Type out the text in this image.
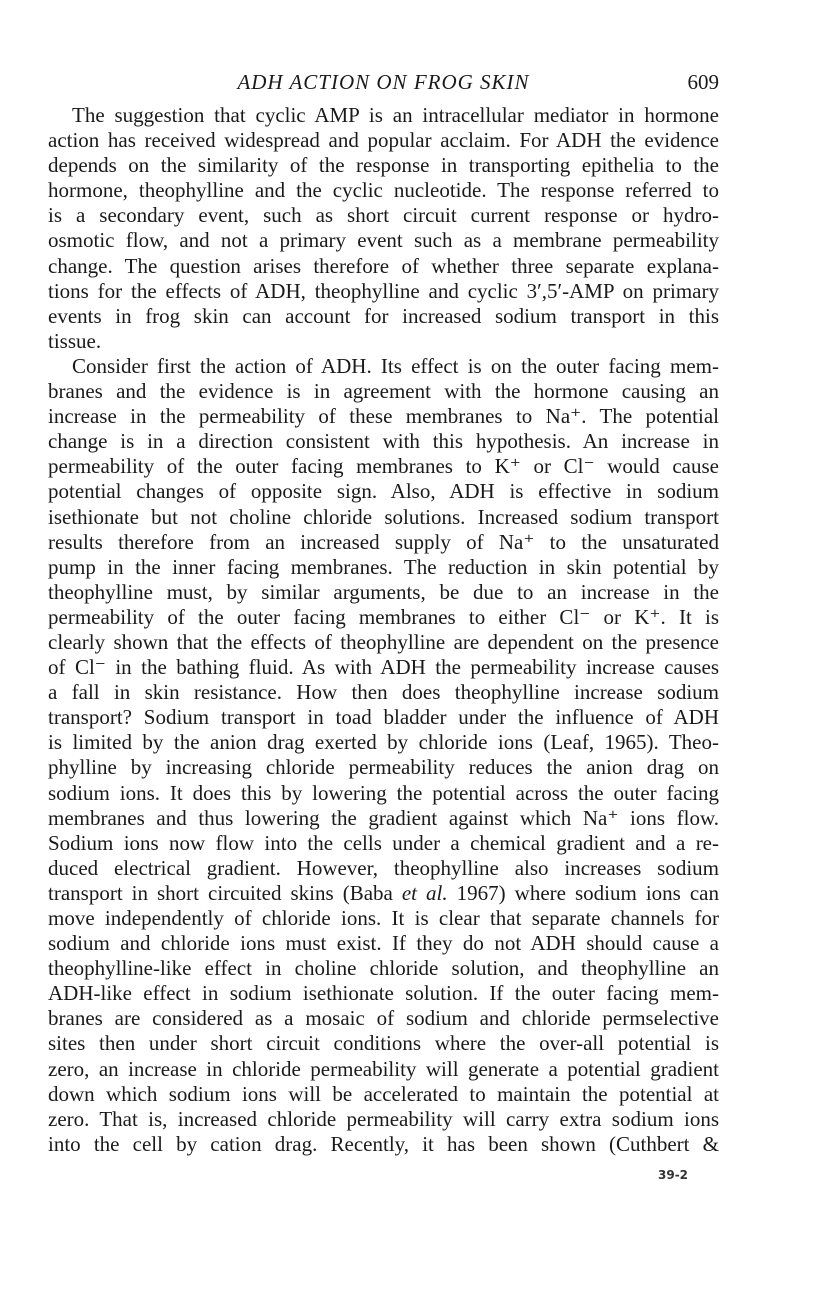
ADH ACTION ON FROG SKIN	609
The suggestion that cyclic AMP is an intracellular mediator in hormone
action has received widespread and popular acclaim. For ADH the evidence
depends on the similarity of the response in transporting epithelia to the
hormone, theophylline and the cyclic nucleotide. The response referred to
is a secondary event, such as short circuit current response or hydro-
osmotic flow, and not a primary event such as a membrane permeability
change. The question arises therefore of whether three separate explana-
tions for the effects of ADH, theophylline and cyclic 3′,5′-AMP on primary
events in frog skin can account for increased sodium transport in this
tissue.
Consider first the action of ADH. Its effect is on the outer facing mem-
branes and the evidence is in agreement with the hormone causing an
increase in the permeability of these membranes to Na⁺. The potential
change is in a direction consistent with this hypothesis. An increase in
permeability of the outer facing membranes to K⁺ or Cl⁻ would cause
potential changes of opposite sign. Also, ADH is effective in sodium
isethionate but not choline chloride solutions. Increased sodium transport
results therefore from an increased supply of Na⁺ to the unsaturated
pump in the inner facing membranes. The reduction in skin potential by
theophylline must, by similar arguments, be due to an increase in the
permeability of the outer facing membranes to either Cl⁻ or K⁺. It is
clearly shown that the effects of theophylline are dependent on the presence
of Cl⁻ in the bathing fluid. As with ADH the permeability increase causes
a fall in skin resistance. How then does theophylline increase sodium
transport? Sodium transport in toad bladder under the influence of ADH
is limited by the anion drag exerted by chloride ions (Leaf, 1965). Theo-
phylline by increasing chloride permeability reduces the anion drag on
sodium ions. It does this by lowering the potential across the outer facing
membranes and thus lowering the gradient against which Na⁺ ions flow.
Sodium ions now flow into the cells under a chemical gradient and a re-
duced electrical gradient. However, theophylline also increases sodium
transport in short circuited skins (Baba et al. 1967) where sodium ions can
move independently of chloride ions. It is clear that separate channels for
sodium and chloride ions must exist. If they do not ADH should cause a
theophylline-like effect in choline chloride solution, and theophylline an
ADH-like effect in sodium isethionate solution. If the outer facing mem-
branes are considered as a mosaic of sodium and chloride permselective
sites then under short circuit conditions where the over-all potential is
zero, an increase in chloride permeability will generate a potential gradient
down which sodium ions will be accelerated to maintain the potential at
zero. That is, increased chloride permeability will carry extra sodium ions
into the cell by cation drag. Recently, it has been shown (Cuthbert &
39-2
